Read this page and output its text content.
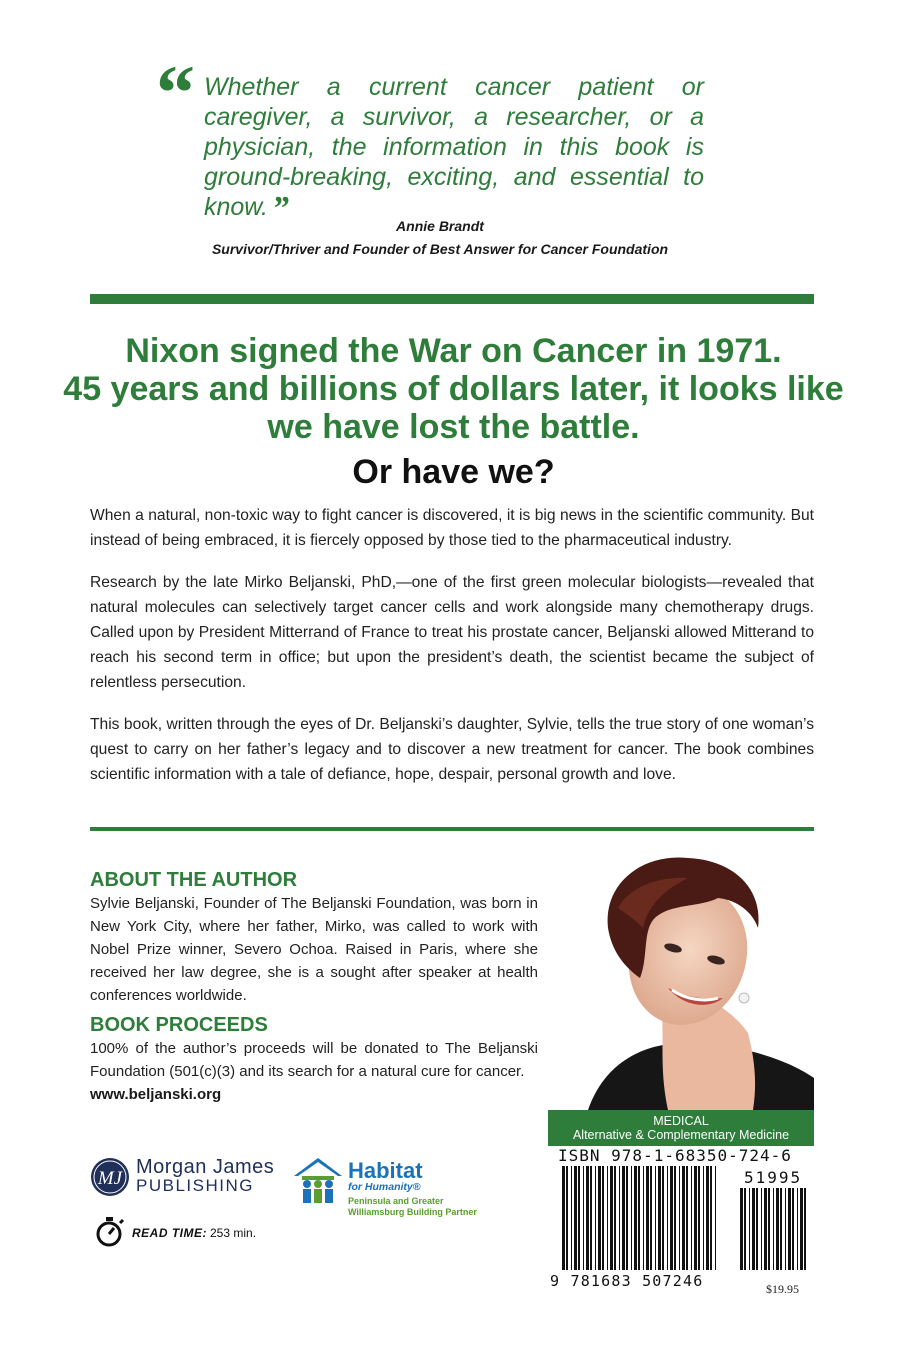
“ Whether a current cancer patient or caregiver, a survivor, a researcher, or a physician, the information in this book is ground-breaking, exciting, and essential to know. ”	Annie Brandt
Survivor/Thriver and Founder of Best Answer for Cancer Foundation
Nixon signed the War on Cancer in 1971.
45 years and billions of dollars later, it looks like
we have lost the battle.
Or have we?

When a natural, non-toxic way to fight cancer is discovered, it is big news in the scientific community. But instead of being embraced, it is fiercely opposed by those tied to the pharmaceutical industry.

Research by the late Mirko Beljanski, PhD,—one of the first green molecular biologists—revealed that natural molecules can selectively target cancer cells and work alongside many chemotherapy drugs. Called upon by President Mitterrand of France to treat his prostate cancer, Beljanski allowed Mitterand to reach his second term in office; but upon the president’s death, the scientist became the subject of relentless persecution.

This book, written through the eyes of Dr. Beljanski’s daughter, Sylvie, tells the true story of one woman’s quest to carry on her father’s legacy and to discover a new treatment for cancer. The book combines scientific information with a tale of defiance, hope, despair, personal growth and love.

ABOUT THE AUTHOR

Sylvie Beljanski, Founder of The Beljanski Foundation, was born in New York City, where her father, Mirko, was called to work with Nobel Prize winner, Severo Ochoa. Raised in Paris, where she received her law degree, she is a sought after speaker at health conferences worldwide.

BOOK PROCEEDS

100% of the author’s proceeds will be donated to The Beljanski Foundation (501(c)(3) and its search for a natural cure for cancer.

www.beljanski.org
MEDICAL
Alternative & Complementary Medicine
ISBN 978-1-68350-724-6
51995
9 781683 507246	$19.95
MJ
Morgan James
PUBLISHING
Habitat
for Humanity®
Peninsula and Greater
Williamsburg Building Partner
READ TIME: 253 min.
